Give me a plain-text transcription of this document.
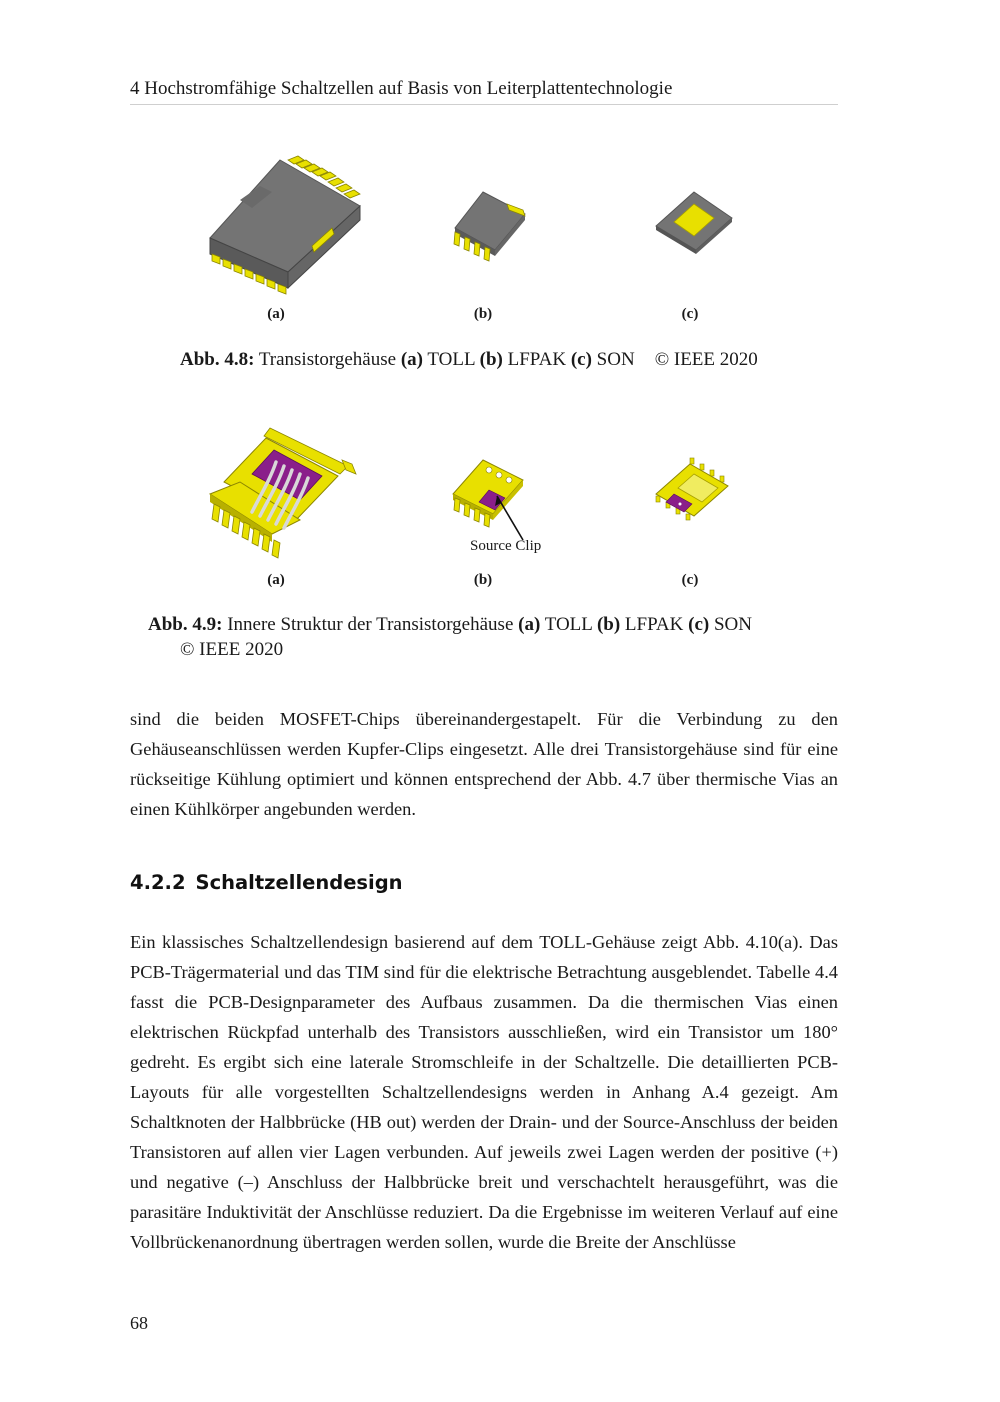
4 Hochstromfähige Schaltzellen auf Basis von Leiterplattentechnologie
(a)	(b)	(c)
Abb. 4.8: Transistorgehäuse (a) TOLL (b) LFPAK (c) SON © IEEE 2020
Source Clip
(a)	(b)	(c)
Abb. 4.9: Innere Struktur der Transistorgehäuse (a) TOLL (b) LFPAK (c) SON
© IEEE 2020
sind die beiden MOSFET-Chips übereinandergestapelt. Für die Verbindung zu den Gehäuseanschlüssen werden Kupfer-Clips eingesetzt. Alle drei Transistorgehäuse sind für eine rückseitige Kühlung optimiert und können entsprechend der Abb. 4.7 über thermische Vias an einen Kühlkörper angebunden werden.
4.2.2 Schaltzellendesign
Ein klassisches Schaltzellendesign basierend auf dem TOLL-Gehäuse zeigt Abb. 4.10(a). Das PCB-Trägermaterial und das TIM sind für die elektrische Betrachtung ausgeblendet. Tabelle 4.4 fasst die PCB-Designparameter des Aufbaus zusammen. Da die thermischen Vias einen elektrischen Rückpfad unterhalb des Transistors ausschließen, wird ein Transistor um 180° gedreht. Es ergibt sich eine laterale Stromschleife in der Schaltzelle. Die detaillierten PCB-Layouts für alle vorgestellten Schaltzellendesigns werden in Anhang A.4 gezeigt. Am Schaltknoten der Halbbrücke (HB out) werden der Drain- und der Source-Anschluss der beiden Transistoren auf allen vier Lagen verbunden. Auf jeweils zwei Lagen werden der positive (+) und negative (–) Anschluss der Halbbrücke breit und verschachtelt herausgeführt, was die parasitäre Induktivität der Anschlüsse reduziert. Da die Ergebnisse im weiteren Verlauf auf eine Vollbrückenanordnung übertragen werden sollen, wurde die Breite der Anschlüsse
68
